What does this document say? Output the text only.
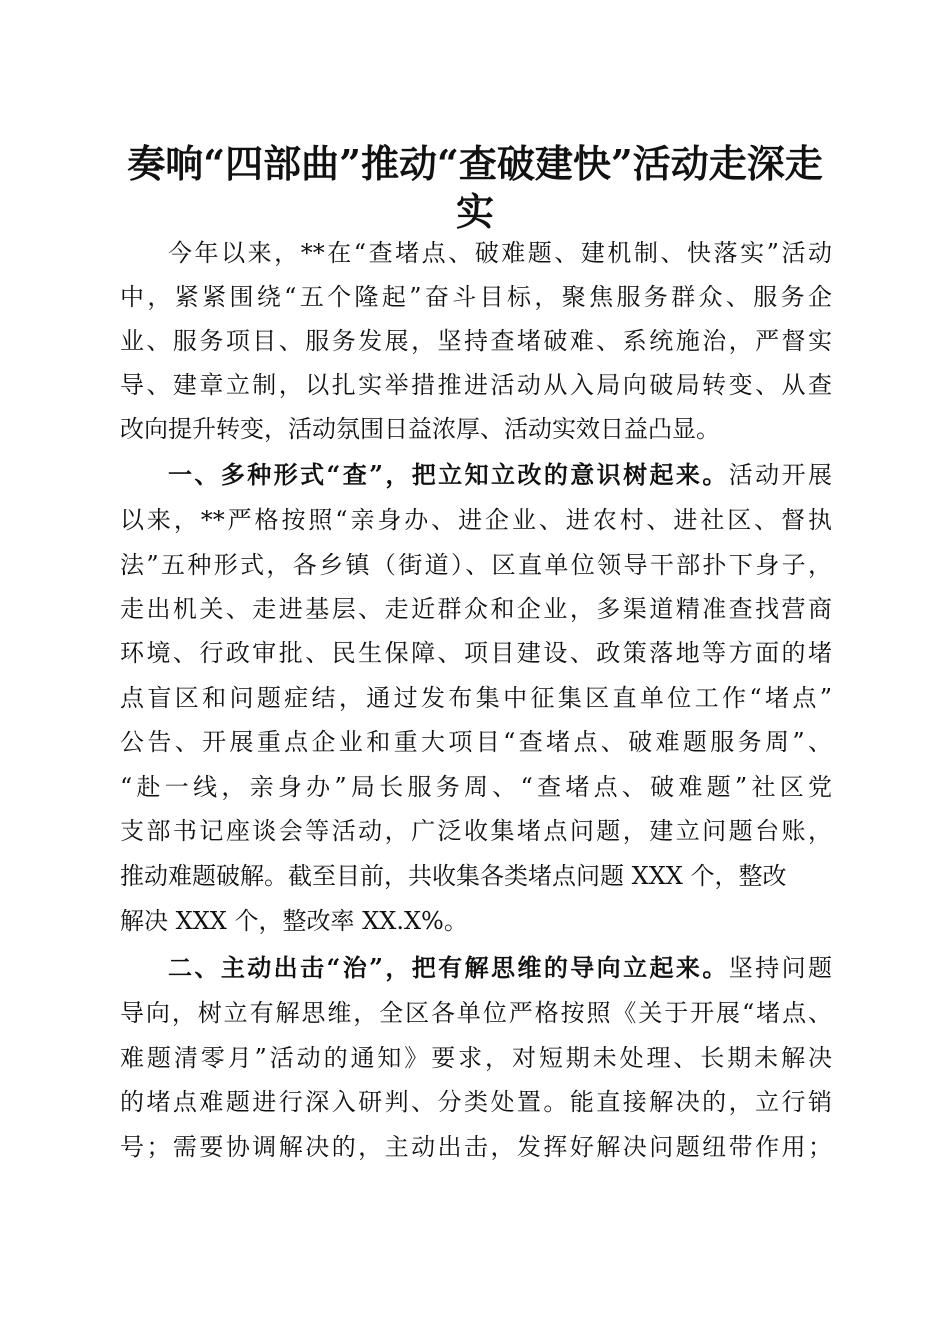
奏响“四部曲”推动“查破建快”活动走深走
实
今年以来，**在“查堵点、破难题、建机制、快落实”活动
中，紧紧围绕“五个隆起”奋斗目标，聚焦服务群众、服务企
业、服务项目、服务发展，坚持查堵破难、系统施治，严督实
导、建章立制，以扎实举措推进活动从入局向破局转变、从查
改向提升转变，活动氛围日益浓厚、活动实效日益凸显。
一、多种形式“查”，把立知立改的意识树起来。活动开展
以来，**严格按照“亲身办、进企业、进农村、进社区、督执
法”五种形式，各乡镇（街道）、区直单位领导干部扑下身子，
走出机关、走进基层、走近群众和企业，多渠道精准查找营商
环境、行政审批、民生保障、项目建设、政策落地等方面的堵
点盲区和问题症结，通过发布集中征集区直单位工作“堵点”
公告、开展重点企业和重大项目“查堵点、破难题服务周”、
“赴一线，亲身办”局长服务周、“查堵点、破难题”社区党
支部书记座谈会等活动，广泛收集堵点问题，建立问题台账，
推动难题破解。截至目前，共收集各类堵点问题 XXX 个，整改
解决 XXX 个，整改率 XX.X%。
二、主动出击“治”，把有解思维的导向立起来。坚持问题
导向，树立有解思维，全区各单位严格按照《关于开展“堵点、
难题清零月”活动的通知》要求，对短期未处理、长期未解决
的堵点难题进行深入研判、分类处置。能直接解决的，立行销
号；需要协调解决的，主动出击，发挥好解决问题纽带作用；
